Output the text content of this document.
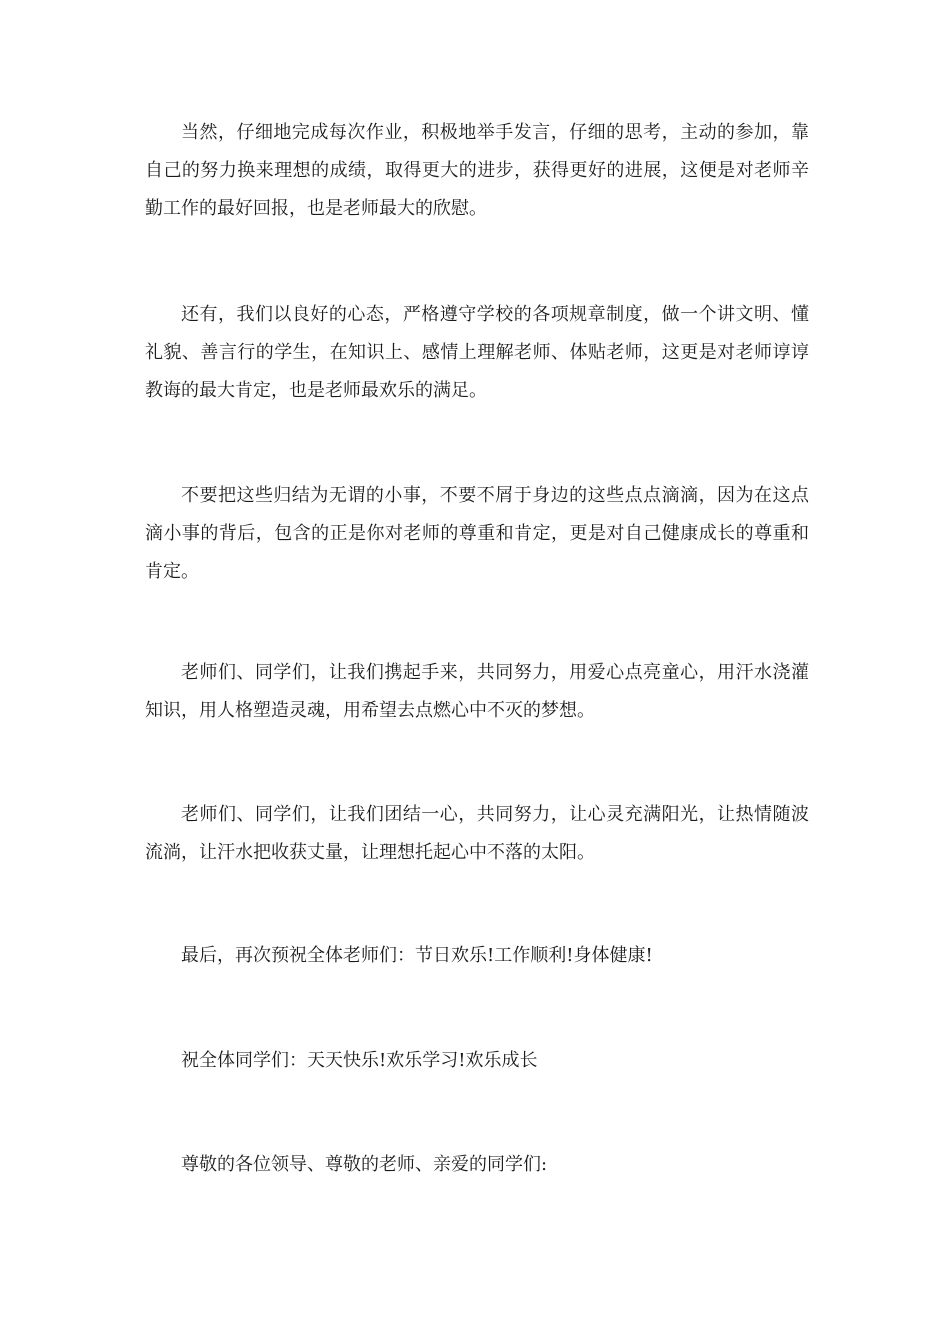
当然，仔细地完成每次作业，积极地举手发言，仔细的思考，主动的参加，靠自己的努力换来理想的成绩，取得更大的进步，获得更好的进展，这便是对老师辛勤工作的最好回报，也是老师最大的欣慰。

还有，我们以良好的心态，严格遵守学校的各项规章制度，做一个讲文明、懂礼貌、善言行的学生，在知识上、感情上理解老师、体贴老师，这更是对老师谆谆教诲的最大肯定，也是老师最欢乐的满足。

不要把这些归结为无谓的小事，不要不屑于身边的这些点点滴滴，因为在这点滴小事的背后，包含的正是你对老师的尊重和肯定，更是对自己健康成长的尊重和肯定。

老师们、同学们，让我们携起手来，共同努力，用爱心点亮童心，用汗水浇灌知识，用人格塑造灵魂，用希望去点燃心中不灭的梦想。

老师们、同学们，让我们团结一心，共同努力，让心灵充满阳光，让热情随波流淌，让汗水把收获丈量，让理想托起心中不落的太阳。

最后，再次预祝全体老师们：节日欢乐!工作顺利!身体健康!

祝全体同学们：天天快乐!欢乐学习!欢乐成长

尊敬的各位领导、尊敬的老师、亲爱的同学们:
